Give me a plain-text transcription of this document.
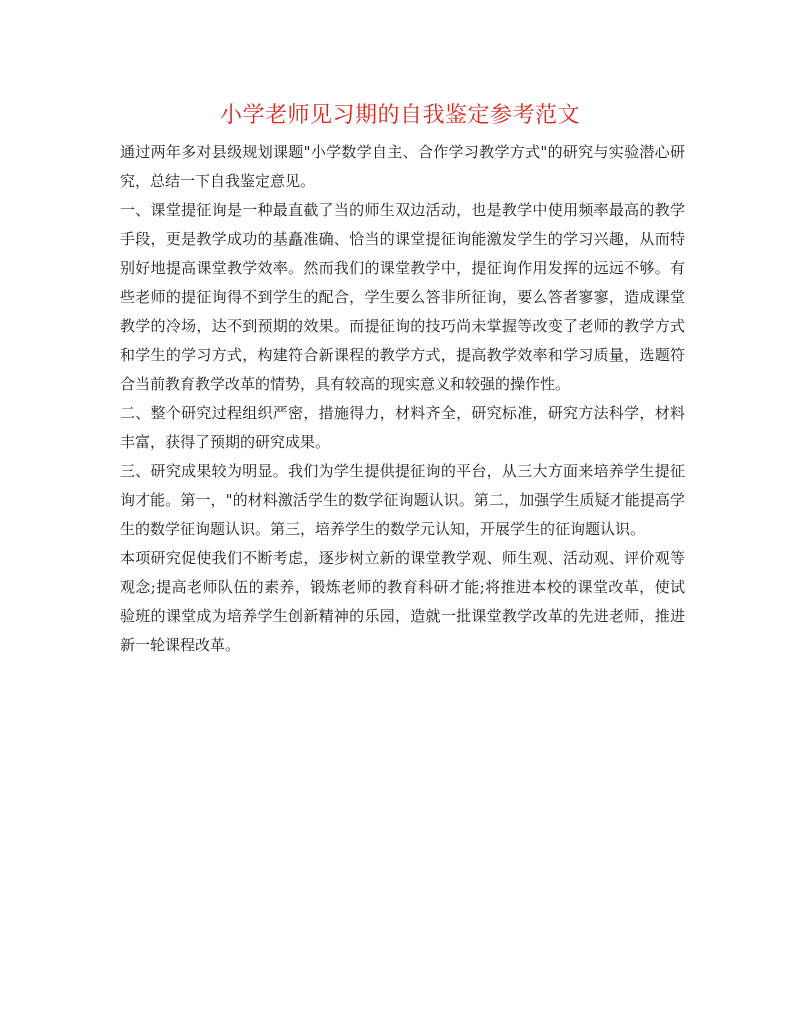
小学老师见习期的自我鉴定参考范文

通过两年多对县级规划课题"小学数学自主、合作学习教学方式"的研究与实验潜心研究，总结一下自我鉴定意见。

一、课堂提征询是一种最直截了当的师生双边活动，也是教学中使用频率最高的教学手段，更是教学成功的基矗准确、恰当的课堂提征询能激发学生的学习兴趣，从而特别好地提高课堂教学效率。然而我们的课堂教学中，提征询作用发挥的远远不够。有些老师的提征询得不到学生的配合，学生要么答非所征询，要么答者寥寥，造成课堂教学的冷场，达不到预期的效果。而提征询的技巧尚未掌握等改变了老师的教学方式和学生的学习方式，构建符合新课程的教学方式，提高教学效率和学习质量，选题符合当前教育教学改革的情势，具有较高的现实意义和较强的操作性。

二、整个研究过程组织严密，措施得力，材料齐全，研究标准，研究方法科学，材料丰富，获得了预期的研究成果。

三、研究成果较为明显。我们为学生提供提征询的平台，从三大方面来培养学生提征询才能。第一，"的材料激活学生的数学征询题认识。第二，加强学生质疑才能提高学生的数学征询题认识。第三，培养学生的数学元认知，开展学生的征询题认识。

本项研究促使我们不断考虑，逐步树立新的课堂教学观、师生观、活动观、评价观等观念;提高老师队伍的素养，锻炼老师的教育科研才能;将推进本校的课堂改革，使试验班的课堂成为培养学生创新精神的乐园，造就一批课堂教学改革的先进老师，推进新一轮课程改革。
